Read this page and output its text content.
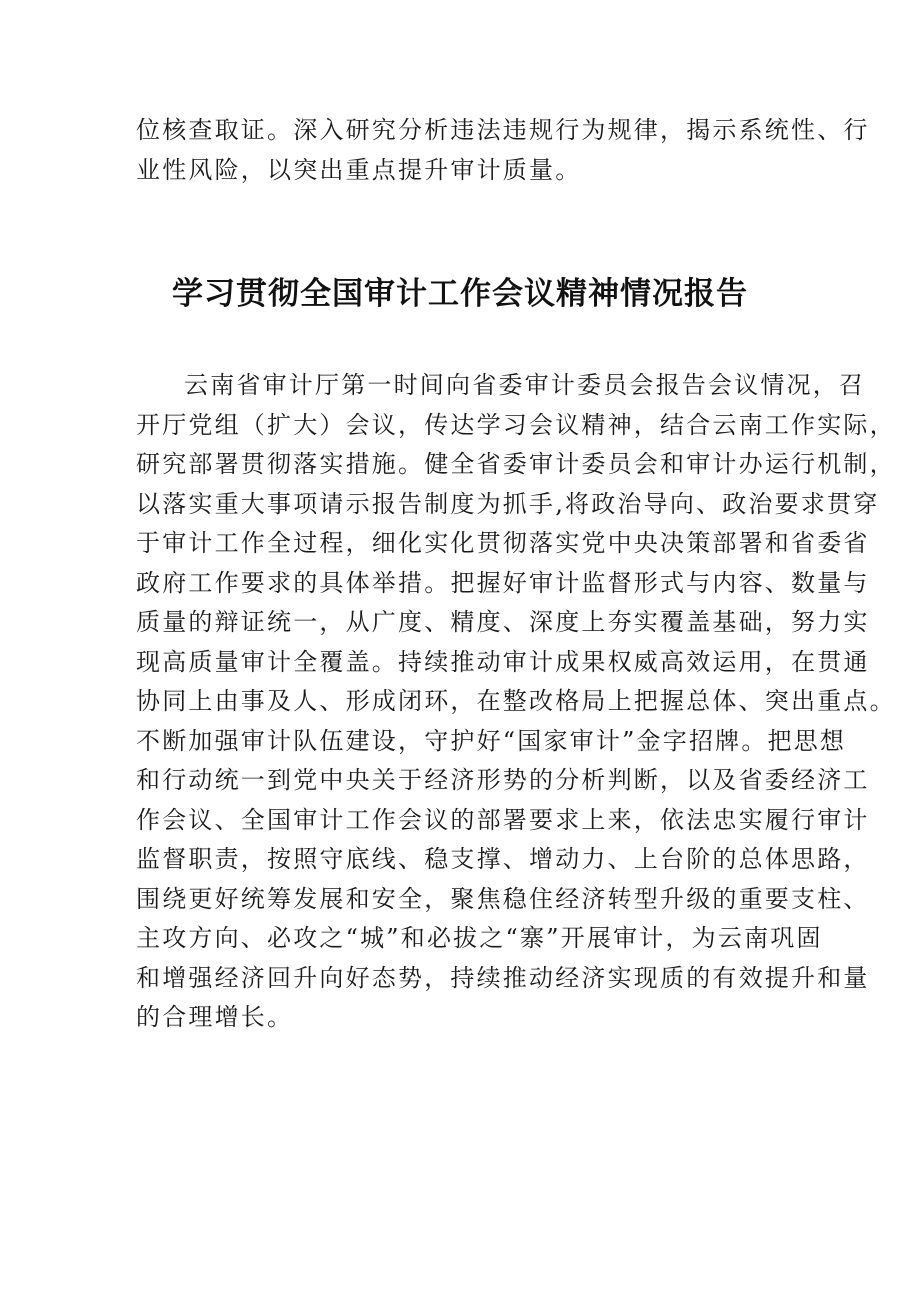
位核查取证。深入研究分析违法违规行为规律，揭示系统性、行
业性风险，以突出重点提升审计质量。
学习贯彻全国审计工作会议精神情况报告
云南省审计厅第一时间向省委审计委员会报告会议情况，召
开厅党组（扩大）会议，传达学习会议精神，结合云南工作实际，
研究部署贯彻落实措施。健全省委审计委员会和审计办运行机制，
以落实重大事项请示报告制度为抓手,将政治导向、政治要求贯穿
于审计工作全过程，细化实化贯彻落实党中央决策部署和省委省
政府工作要求的具体举措。把握好审计监督形式与内容、数量与
质量的辩证统一，从广度、精度、深度上夯实覆盖基础，努力实
现高质量审计全覆盖。持续推动审计成果权威高效运用，在贯通
协同上由事及人、形成闭环，在整改格局上把握总体、突出重点。
不断加强审计队伍建设，守护好“国家审计”金字招牌。把思想
和行动统一到党中央关于经济形势的分析判断，以及省委经济工
作会议、全国审计工作会议的部署要求上来，依法忠实履行审计
监督职责，按照守底线、稳支撑、增动力、上台阶的总体思路，
围绕更好统筹发展和安全，聚焦稳住经济转型升级的重要支柱、
主攻方向、必攻之“城”和必拔之“寨”开展审计，为云南巩固
和增强经济回升向好态势，持续推动经济实现质的有效提升和量
的合理增长。
